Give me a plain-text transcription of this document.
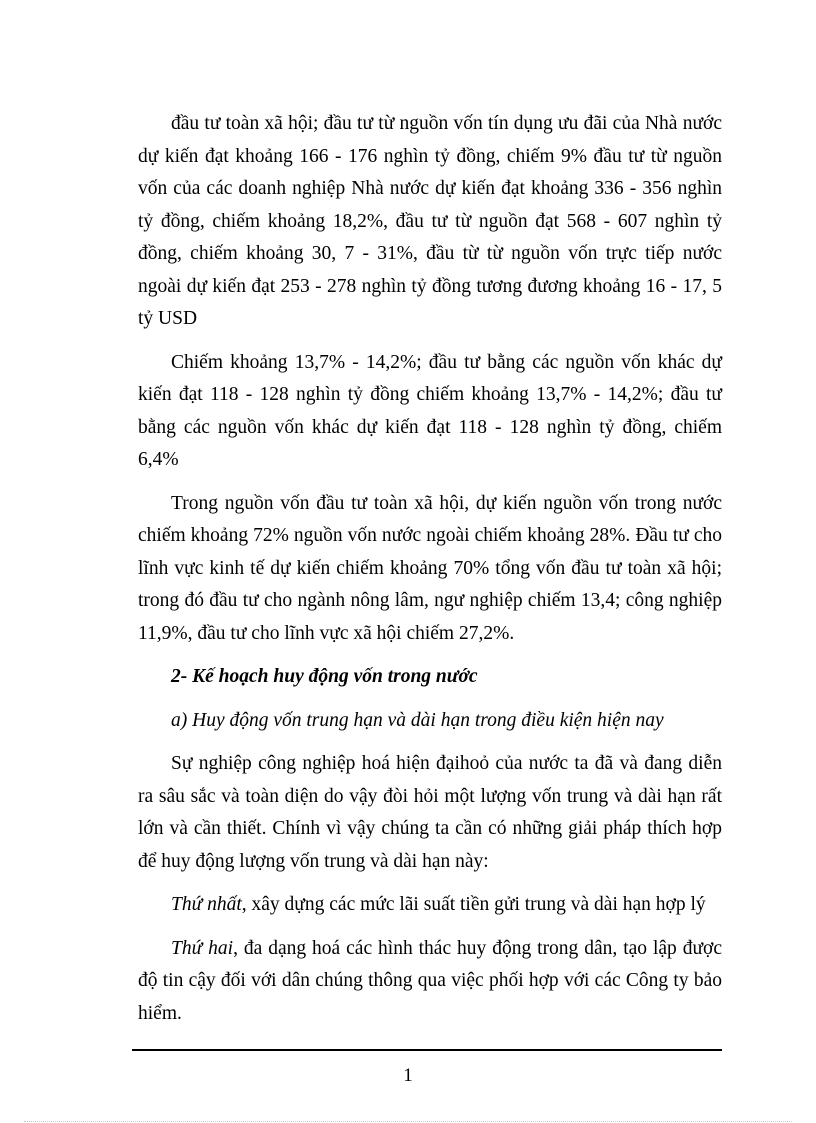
đầu tư toàn xã hội; đầu tư từ nguồn vốn tín dụng ưu đãi của Nhà nước dự kiến đạt khoảng 166 - 176 nghìn tỷ đồng, chiếm 9% đầu tư từ nguồn vốn của các doanh nghiệp Nhà nước dự kiến đạt khoảng 336 - 356 nghìn tỷ đồng, chiếm khoảng 18,2%, đầu tư từ nguồn đạt 568 - 607 nghìn tỷ đồng, chiếm khoảng 30, 7 - 31%, đầu từ từ nguồn vốn trực tiếp nước ngoài dự kiến đạt 253 - 278 nghìn tỷ đồng tương đương khoảng 16 - 17, 5 tỷ USD

Chiếm khoảng 13,7% - 14,2%; đầu tư bằng các nguồn vốn khác dự kiến đạt 118 - 128 nghìn tỷ đồng chiếm khoảng 13,7% - 14,2%; đầu tư bằng các nguồn vốn khác dự kiến đạt 118 - 128 nghìn tỷ đồng, chiếm 6,4%

Trong nguồn vốn đầu tư toàn xã hội, dự kiến nguồn vốn trong nước chiếm khoảng 72% nguồn vốn nước ngoài chiếm khoảng 28%. Đầu tư cho lĩnh vực kinh tế dự kiến chiếm khoảng 70% tổng vốn đầu tư toàn xã hội; trong đó đầu tư cho ngành nông lâm, ngư nghiệp chiếm 13,4; công nghiệp 11,9%, đầu tư cho lĩnh vực xã hội chiếm 27,2%.

2- Kế hoạch huy động vốn trong nước

a) Huy động vốn trung hạn và dài hạn trong điều kiện hiện nay

Sự nghiệp công nghiệp hoá hiện đạihoỏ của nước ta đã và đang diễn ra sâu sắc và toàn diện do vậy đòi hỏi một lượng vốn trung và dài hạn rất lớn và cần thiết. Chính vì vậy chúng ta cần có những giải pháp thích hợp để huy động lượng vốn trung và dài hạn này:

Thứ nhất, xây dựng các mức lãi suất tiền gửi trung và dài hạn hợp lý

Thứ hai, đa dạng hoá các hình thác huy động trong dân, tạo lập được độ tin cậy đối với dân chúng thông qua việc phối hợp với các Công ty bảo hiểm.

1
